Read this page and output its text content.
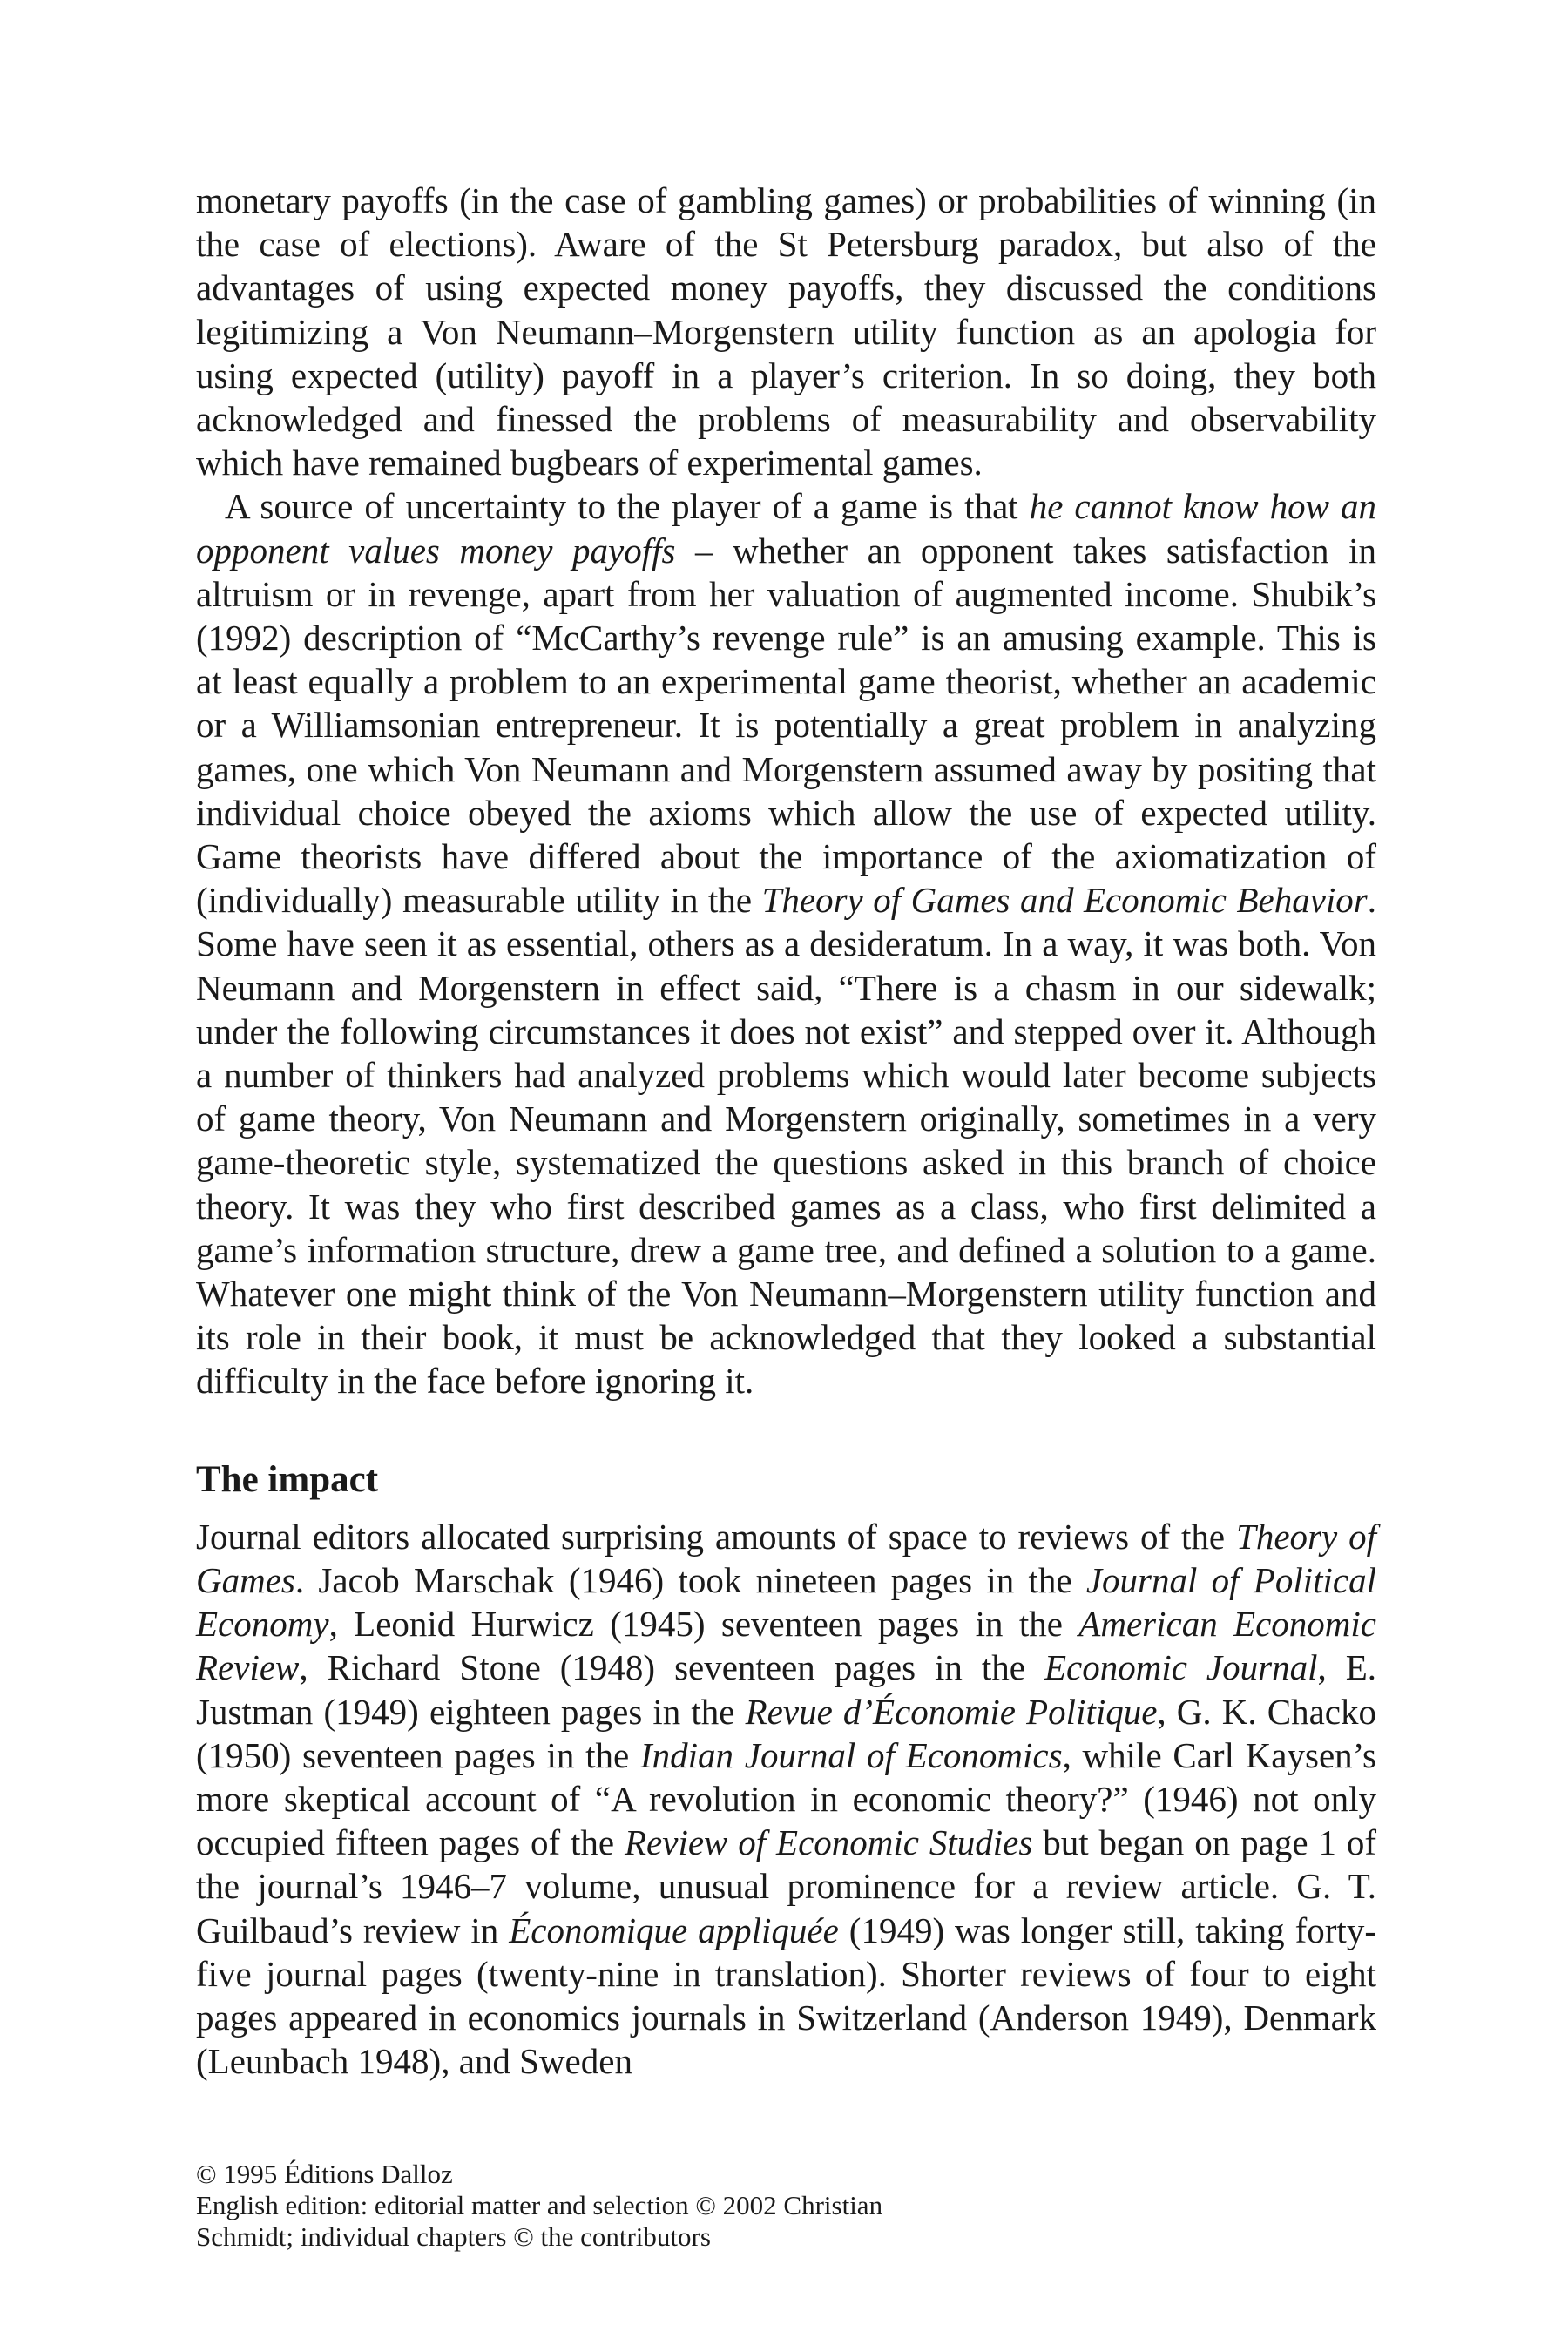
monetary payoffs (in the case of gambling games) or probabilities of winning (in the case of elections). Aware of the St Petersburg paradox, but also of the advantages of using expected money payoffs, they discussed the conditions legitimizing a Von Neumann–Morgenstern utility function as an apologia for using expected (utility) payoff in a player’s criterion. In so doing, they both acknowledged and finessed the problems of measurability and observability which have remained bugbears of experimental games.

A source of uncertainty to the player of a game is that he cannot know how an opponent values money payoffs – whether an opponent takes satisfaction in altruism or in revenge, apart from her valuation of augmented income. Shubik’s (1992) description of “McCarthy’s revenge rule” is an amusing example. This is at least equally a problem to an experimental game theorist, whether an academic or a Williamsonian entrepreneur. It is potentially a great problem in analyzing games, one which Von Neumann and Morgenstern assumed away by positing that individual choice obeyed the axioms which allow the use of expected utility. Game theorists have differed about the importance of the axiomatization of (individually) measurable utility in the Theory of Games and Economic Behavior. Some have seen it as essential, others as a desideratum. In a way, it was both. Von Neumann and Morgenstern in effect said, “There is a chasm in our sidewalk; under the following circumstances it does not exist” and stepped over it. Although a number of thinkers had analyzed problems which would later become subjects of game theory, Von Neumann and Morgenstern originally, sometimes in a very game-theoretic style, systematized the questions asked in this branch of choice theory. It was they who first described games as a class, who first delimited a game’s information structure, drew a game tree, and defined a solution to a game. Whatever one might think of the Von Neumann–Morgenstern utility function and its role in their book, it must be acknowledged that they looked a substantial difficulty in the face before ignoring it.

The impact

Journal editors allocated surprising amounts of space to reviews of the Theory of Games. Jacob Marschak (1946) took nineteen pages in the Journal of Political Economy, Leonid Hurwicz (1945) seventeen pages in the American Economic Review, Richard Stone (1948) seventeen pages in the Economic Journal, E. Justman (1949) eighteen pages in the Revue d’Économie Politique, G. K. Chacko (1950) seventeen pages in the Indian Journal of Economics, while Carl Kaysen’s more skeptical account of “A revolution in economic theory?” (1946) not only occupied fifteen pages of the Review of Economic Studies but began on page 1 of the journal’s 1946–7 volume, unusual prominence for a review article. G. T. Guilbaud’s review in Économique appliquée (1949) was longer still, taking forty-five journal pages (twenty-nine in translation). Shorter reviews of four to eight pages appeared in economics journals in Switzerland (Anderson 1949), Denmark (Leunbach 1948), and Sweden

© 1995 Éditions Dalloz
English edition: editorial matter and selection © 2002 Christian
Schmidt; individual chapters © the contributors
